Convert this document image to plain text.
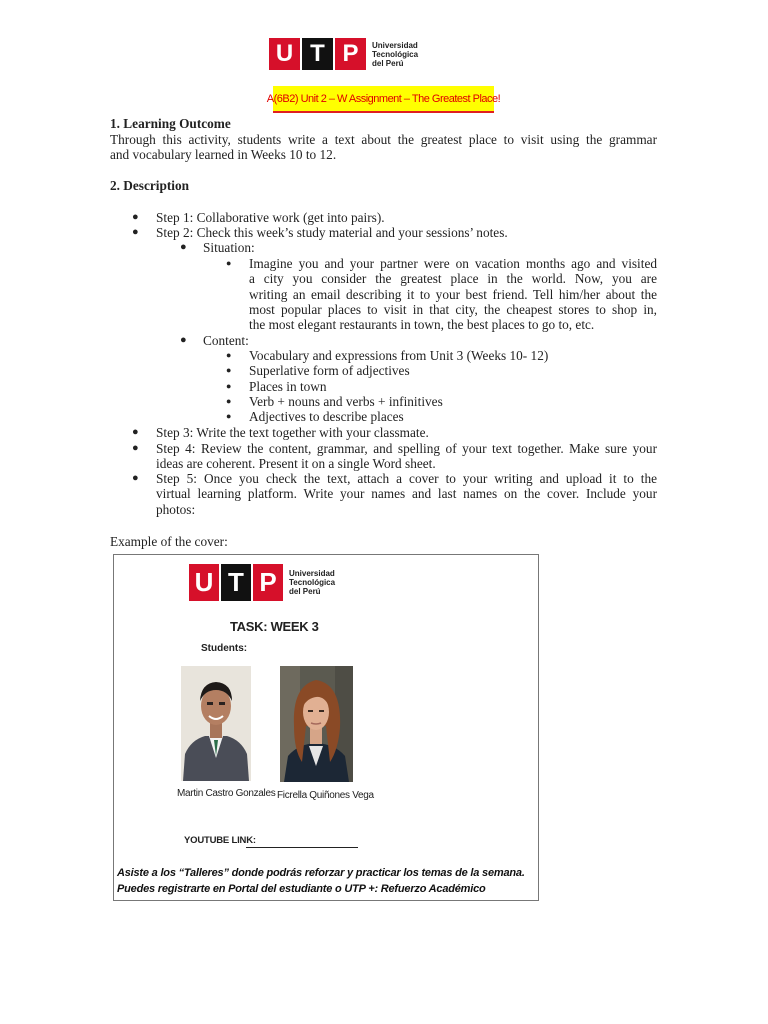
U T P	Universidad
Tecnológica
del Perú
A(6B2) Unit 2 – W Assignment – The Greatest Place!
1. Learning Outcome
Through this activity, students write a text about the greatest place to visit using the grammar
and vocabulary learned in Weeks 10 to 12.
2. Description
● Step 1: Collaborative work (get into pairs).
● Step 2: Check this week’s study material and your sessions’ notes.
● Situation:
● Imagine you and your partner were on vacation months ago and visited
a city you consider the greatest place in the world. Now, you are
writing an email describing it to your best friend. Tell him/her about the
most popular places to visit in that city, the cheapest stores to shop in,
the most elegant restaurants in town, the best places to go to, etc.
● Content:
● Vocabulary and expressions from Unit 3 (Weeks 10- 12)
● Superlative form of adjectives
● Places in town
● Verb + nouns and verbs + infinitives
● Adjectives to describe places
● Step 3: Write the text together with your classmate.
● Step 4: Review the content, grammar, and spelling of your text together. Make sure your
ideas are coherent. Present it on a single Word sheet.
● Step 5: Once you check the text, attach a cover to your writing and upload it to the
virtual learning platform. Write your names and last names on the cover. Include your
photos:
Example of the cover:
U T P	Universidad
Tecnológica
del Perú
TASK: WEEK 3
Students:
Martin Castro Gonzales Ficrella Quiñones Vega
YOUTUBE LINK:
Asiste a los “Talleres” donde podrás reforzar y practicar los temas de la semana.
Puedes registrarte en Portal del estudiante o UTP +: Refuerzo Académico
